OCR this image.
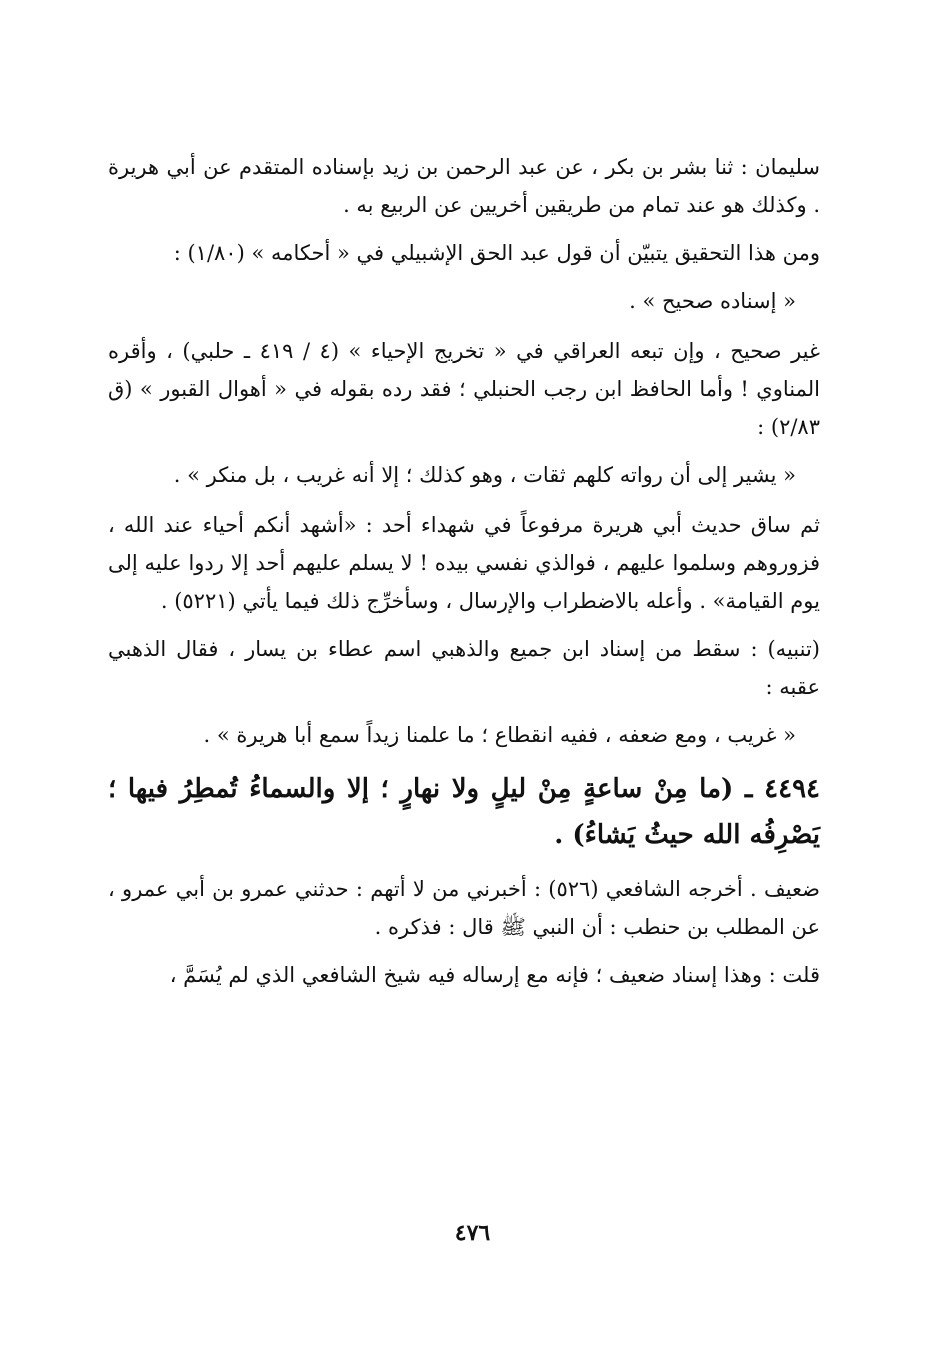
سليمان : ثنا بشر بن بكر ، عن عبد الرحمن بن زيد بإسناده المتقدم عن أبي هريرة . وكذلك هو عند تمام من طريقين أخريين عن الربيع به .

ومن هذا التحقيق يتبيّن أن قول عبد الحق الإشبيلي في « أحكامه » (١/٨٠) :

« إسناده صحيح » .

غير صحيح ، وإن تبعه العراقي في « تخريج الإحياء » (٤ / ٤١٩ ـ حلبي) ، وأقره المناوي ! وأما الحافظ ابن رجب الحنبلي ؛ فقد رده بقوله في « أهوال القبور » (ق ٢/٨٣) :

« يشير إلى أن رواته كلهم ثقات ، وهو كذلك ؛ إلا أنه غريب ، بل منكر » .

ثم ساق حديث أبي هريرة مرفوعاً في شهداء أحد : «أشهد أنكم أحياء عند الله ، فزوروهم وسلموا عليهم ، فوالذي نفسي بيده ! لا يسلم عليهم أحد إلا ردوا عليه إلى يوم القيامة» . وأعله بالاضطراب والإرسال ، وسأخرِّج ذلك فيما يأتي (٥٢٢١) .

(تنبيه) : سقط من إسناد ابن جميع والذهبي اسم عطاء بن يسار ، فقال الذهبي عقبه :

« غريب ، ومع ضعفه ، ففيه انقطاع ؛ ما علمنا زيداً سمع أبا هريرة » .

٤٤٩٤ ـ (ما مِنْ ساعةٍ مِنْ ليلٍ ولا نهارٍ ؛ إلا والسماءُ تُمطِرُ فيها ؛ يَصْرِفُه الله حيثُ يَشاءُ) .

ضعيف . أخرجه الشافعي (٥٢٦) : أخبرني من لا أتهم : حدثني عمرو بن أبي عمرو ، عن المطلب بن حنطب : أن النبي ﷺ قال : فذكره .

قلت : وهذا إسناد ضعيف ؛ فإنه مع إرساله فيه شيخ الشافعي الذي لم يُسَمَّ ،

٤٧٦
